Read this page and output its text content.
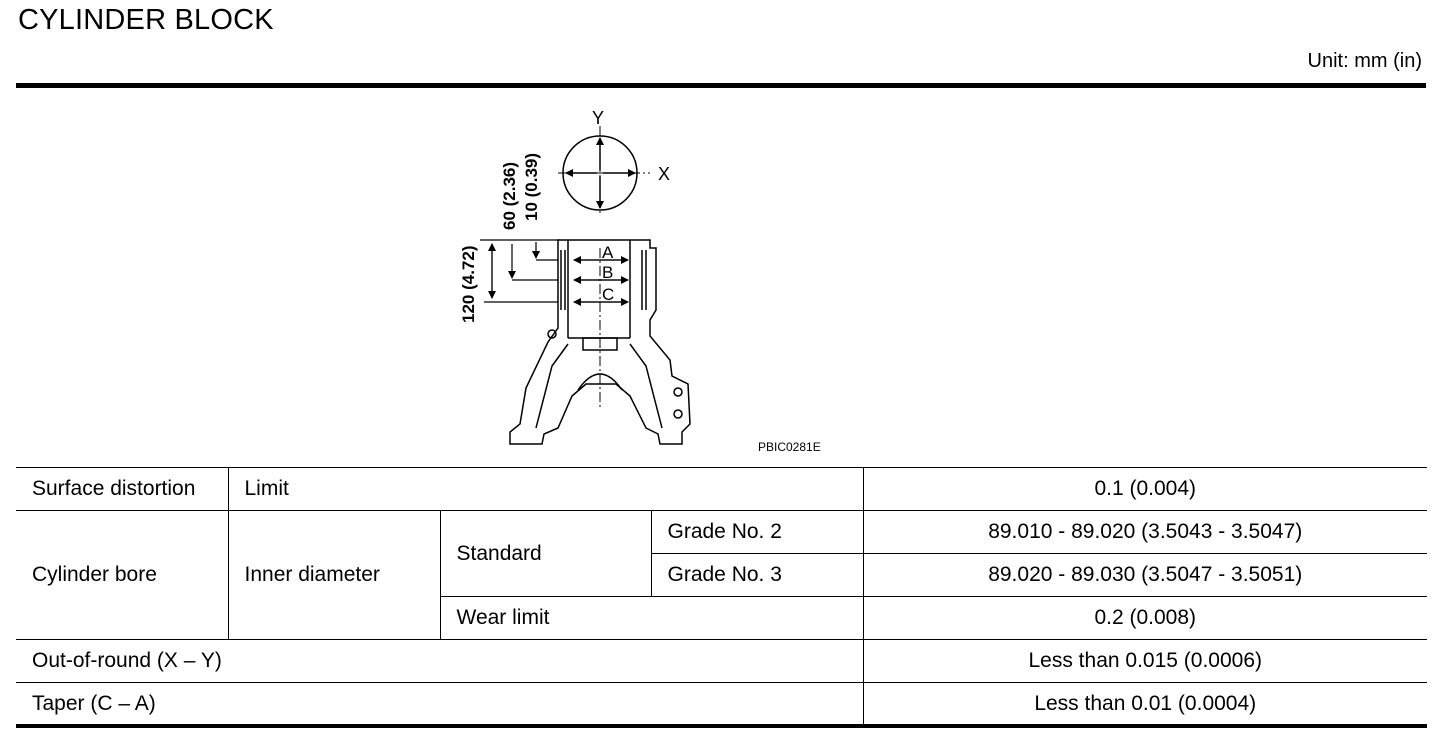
CYLINDER BLOCK
Unit: mm (in)
Y
X
60 (2.36) 10 (0.39)
120 (4.72)	A
B
C
PBIC0281E
Surface distortion	Limit			0.1 (0.004)
Cylinder bore	Inner diameter	Standard	Grade No. 2	89.010 - 89.020 (3.5043 - 3.5047)
			Grade No. 3	89.020 - 89.030 (3.5047 - 3.5051)
		Wear limit		0.2 (0.008)
Out-of-round (X – Y)				Less than 0.015 (0.0006)
Taper (C – A)				Less than 0.01 (0.0004)
